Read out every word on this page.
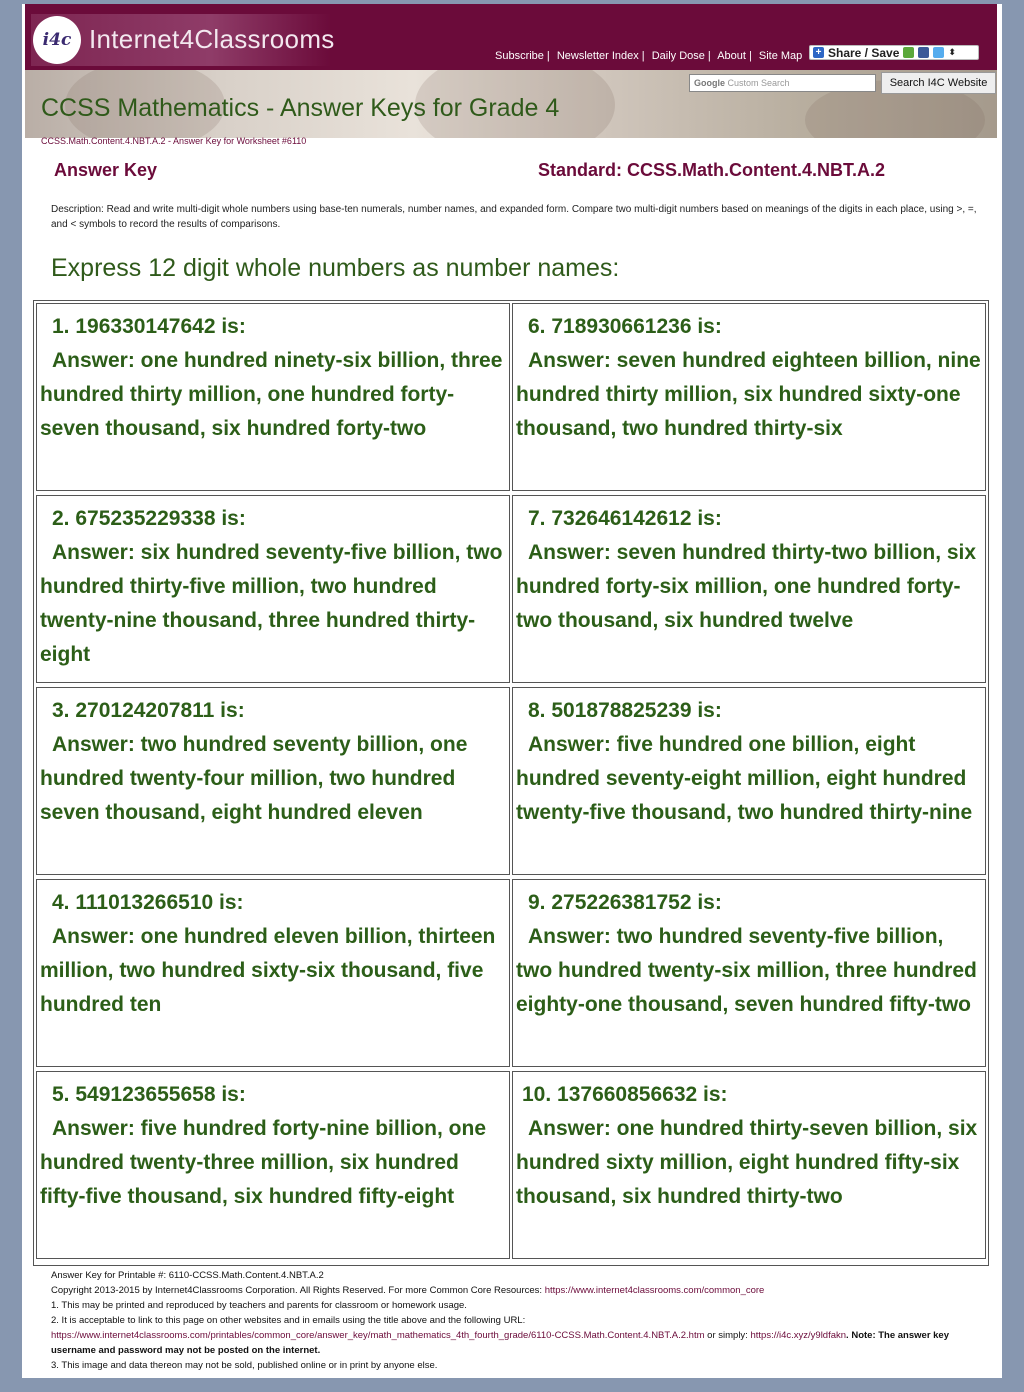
i4c Internet4Classrooms
Subscribe | Newsletter Index | Daily Dose | About | Site Map + Share / Save	⬍
CCSS Mathematics - Answer Keys for Grade 4
Google Custom Search	Search I4C Website
CCSS.Math.Content.4.NBT.A.2 - Answer Key for Worksheet #6110
Answer Key	Standard: CCSS.Math.Content.4.NBT.A.2
Description: Read and write multi-digit whole numbers using base-ten numerals, number names, and expanded form. Compare two multi-digit numbers based on meanings of the digits in each place, using >, =, and < symbols to record the results of comparisons.
Express 12 digit whole numbers as number names:
1. 196330147642 is:
Answer: one hundred ninety-six billion, three hundred thirty million, one hundred forty-seven thousand, six hundred forty-two
2. 675235229338 is:
Answer: six hundred seventy-five billion, two hundred thirty-five million, two hundred twenty-nine thousand, three hundred thirty-eight
3. 270124207811 is:
Answer: two hundred seventy billion, one hundred twenty-four million, two hundred seven thousand, eight hundred eleven
4. 111013266510 is:
Answer: one hundred eleven billion, thirteen million, two hundred sixty-six thousand, five hundred ten
5. 549123655658 is:
Answer: five hundred forty-nine billion, one hundred twenty-three million, six hundred fifty-five thousand, six hundred fifty-eight
6. 718930661236 is:
Answer: seven hundred eighteen billion, nine hundred thirty million, six hundred sixty-one thousand, two hundred thirty-six
7. 732646142612 is:
Answer: seven hundred thirty-two billion, six hundred forty-six million, one hundred forty-two thousand, six hundred twelve
8. 501878825239 is:
Answer: five hundred one billion, eight hundred seventy-eight million, eight hundred twenty-five thousand, two hundred thirty-nine
9. 275226381752 is:
Answer: two hundred seventy-five billion, two hundred twenty-six million, three hundred eighty-one thousand, seven hundred fifty-two
10. 137660856632 is:
Answer: one hundred thirty-seven billion, six hundred sixty million, eight hundred fifty-six thousand, six hundred thirty-two

Answer Key for Printable #: 6110-CCSS.Math.Content.4.NBT.A.2

Copyright 2013-2015 by Internet4Classrooms Corporation. All Rights Reserved. For more Common Core Resources: https://www.internet4classrooms.com/common_core

1. This may be printed and reproduced by teachers and parents for classroom or homework usage.

2. It is acceptable to link to this page on other websites and in emails using the title above and the following URL:

https://www.internet4classrooms.com/printables/common_core/answer_key/math_mathematics_4th_fourth_grade/6110-CCSS.Math.Content.4.NBT.A.2.htm or simply: https://i4c.xyz/y9ldfakn. Note: The answer key username and password may not be posted on the internet.

3. This image and data thereon may not be sold, published online or in print by anyone else.
